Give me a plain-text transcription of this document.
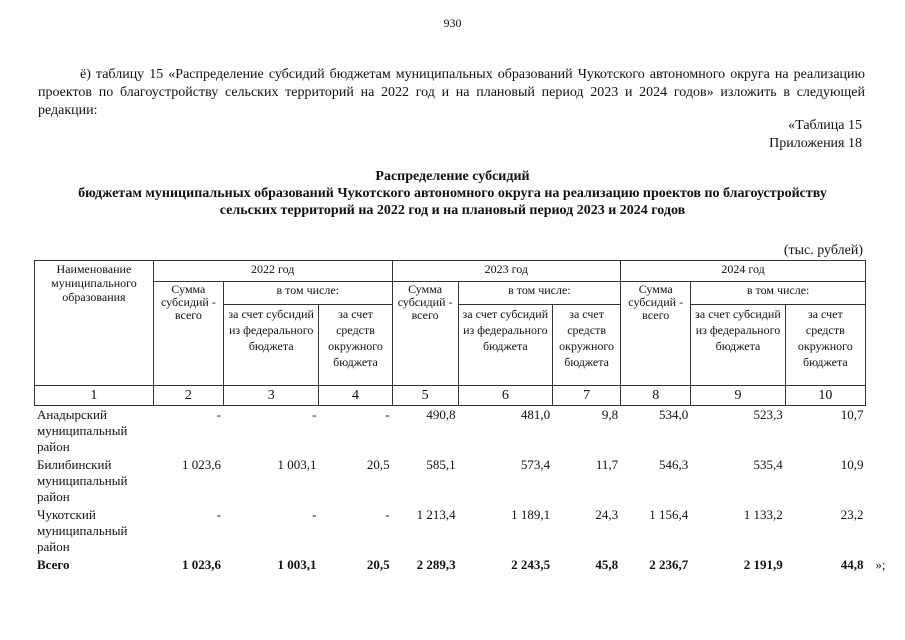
930
ё) таблицу 15 «Распределение субсидий бюджетам муниципальных образований Чукотского автономного округа на реализацию проектов по благоустройству сельских территорий на 2022 год и на плановый период 2023 и 2024 годов» изложить в следующей редакции:
«Таблица 15
Приложения 18
Распределение субсидий
бюджетам муниципальных образований Чукотского автономного округа на реализацию проектов по благоустройству
сельских территорий на 2022 год и на плановый период 2023 и 2024 годов
(тыс. рублей)
Наименование муниципального образования	2022 год			2023 год			2024 год		
	Сумма субсидий - всего	в том числе:		Сумма субсидий - всего	в том числе:		Сумма субсидий - всего	в том числе:	
		за счет субсидий из федерального бюджета	за счет средств окружного бюджета		за счет субсидий из федерального бюджета	за счет средств окружного бюджета		за счет субсидий из федерального бюджета	за счет средств окружного бюджета
1	2	3	4	5	6	7	8	9	10
Анадырский муниципальный район	-	-	-	490,8	481,0	9,8	534,0	523,3	10,7
Билибинский муниципальный район	1 023,6	1 003,1	20,5	585,1	573,4	11,7	546,3	535,4	10,9
Чукотский муниципальный район	-	-	-	1 213,4	1 189,1	24,3	1 156,4	1 133,2	23,2
Всего	1 023,6	1 003,1	20,5	2 289,3	2 243,5	45,8	2 236,7	2 191,9	44,8 »;
